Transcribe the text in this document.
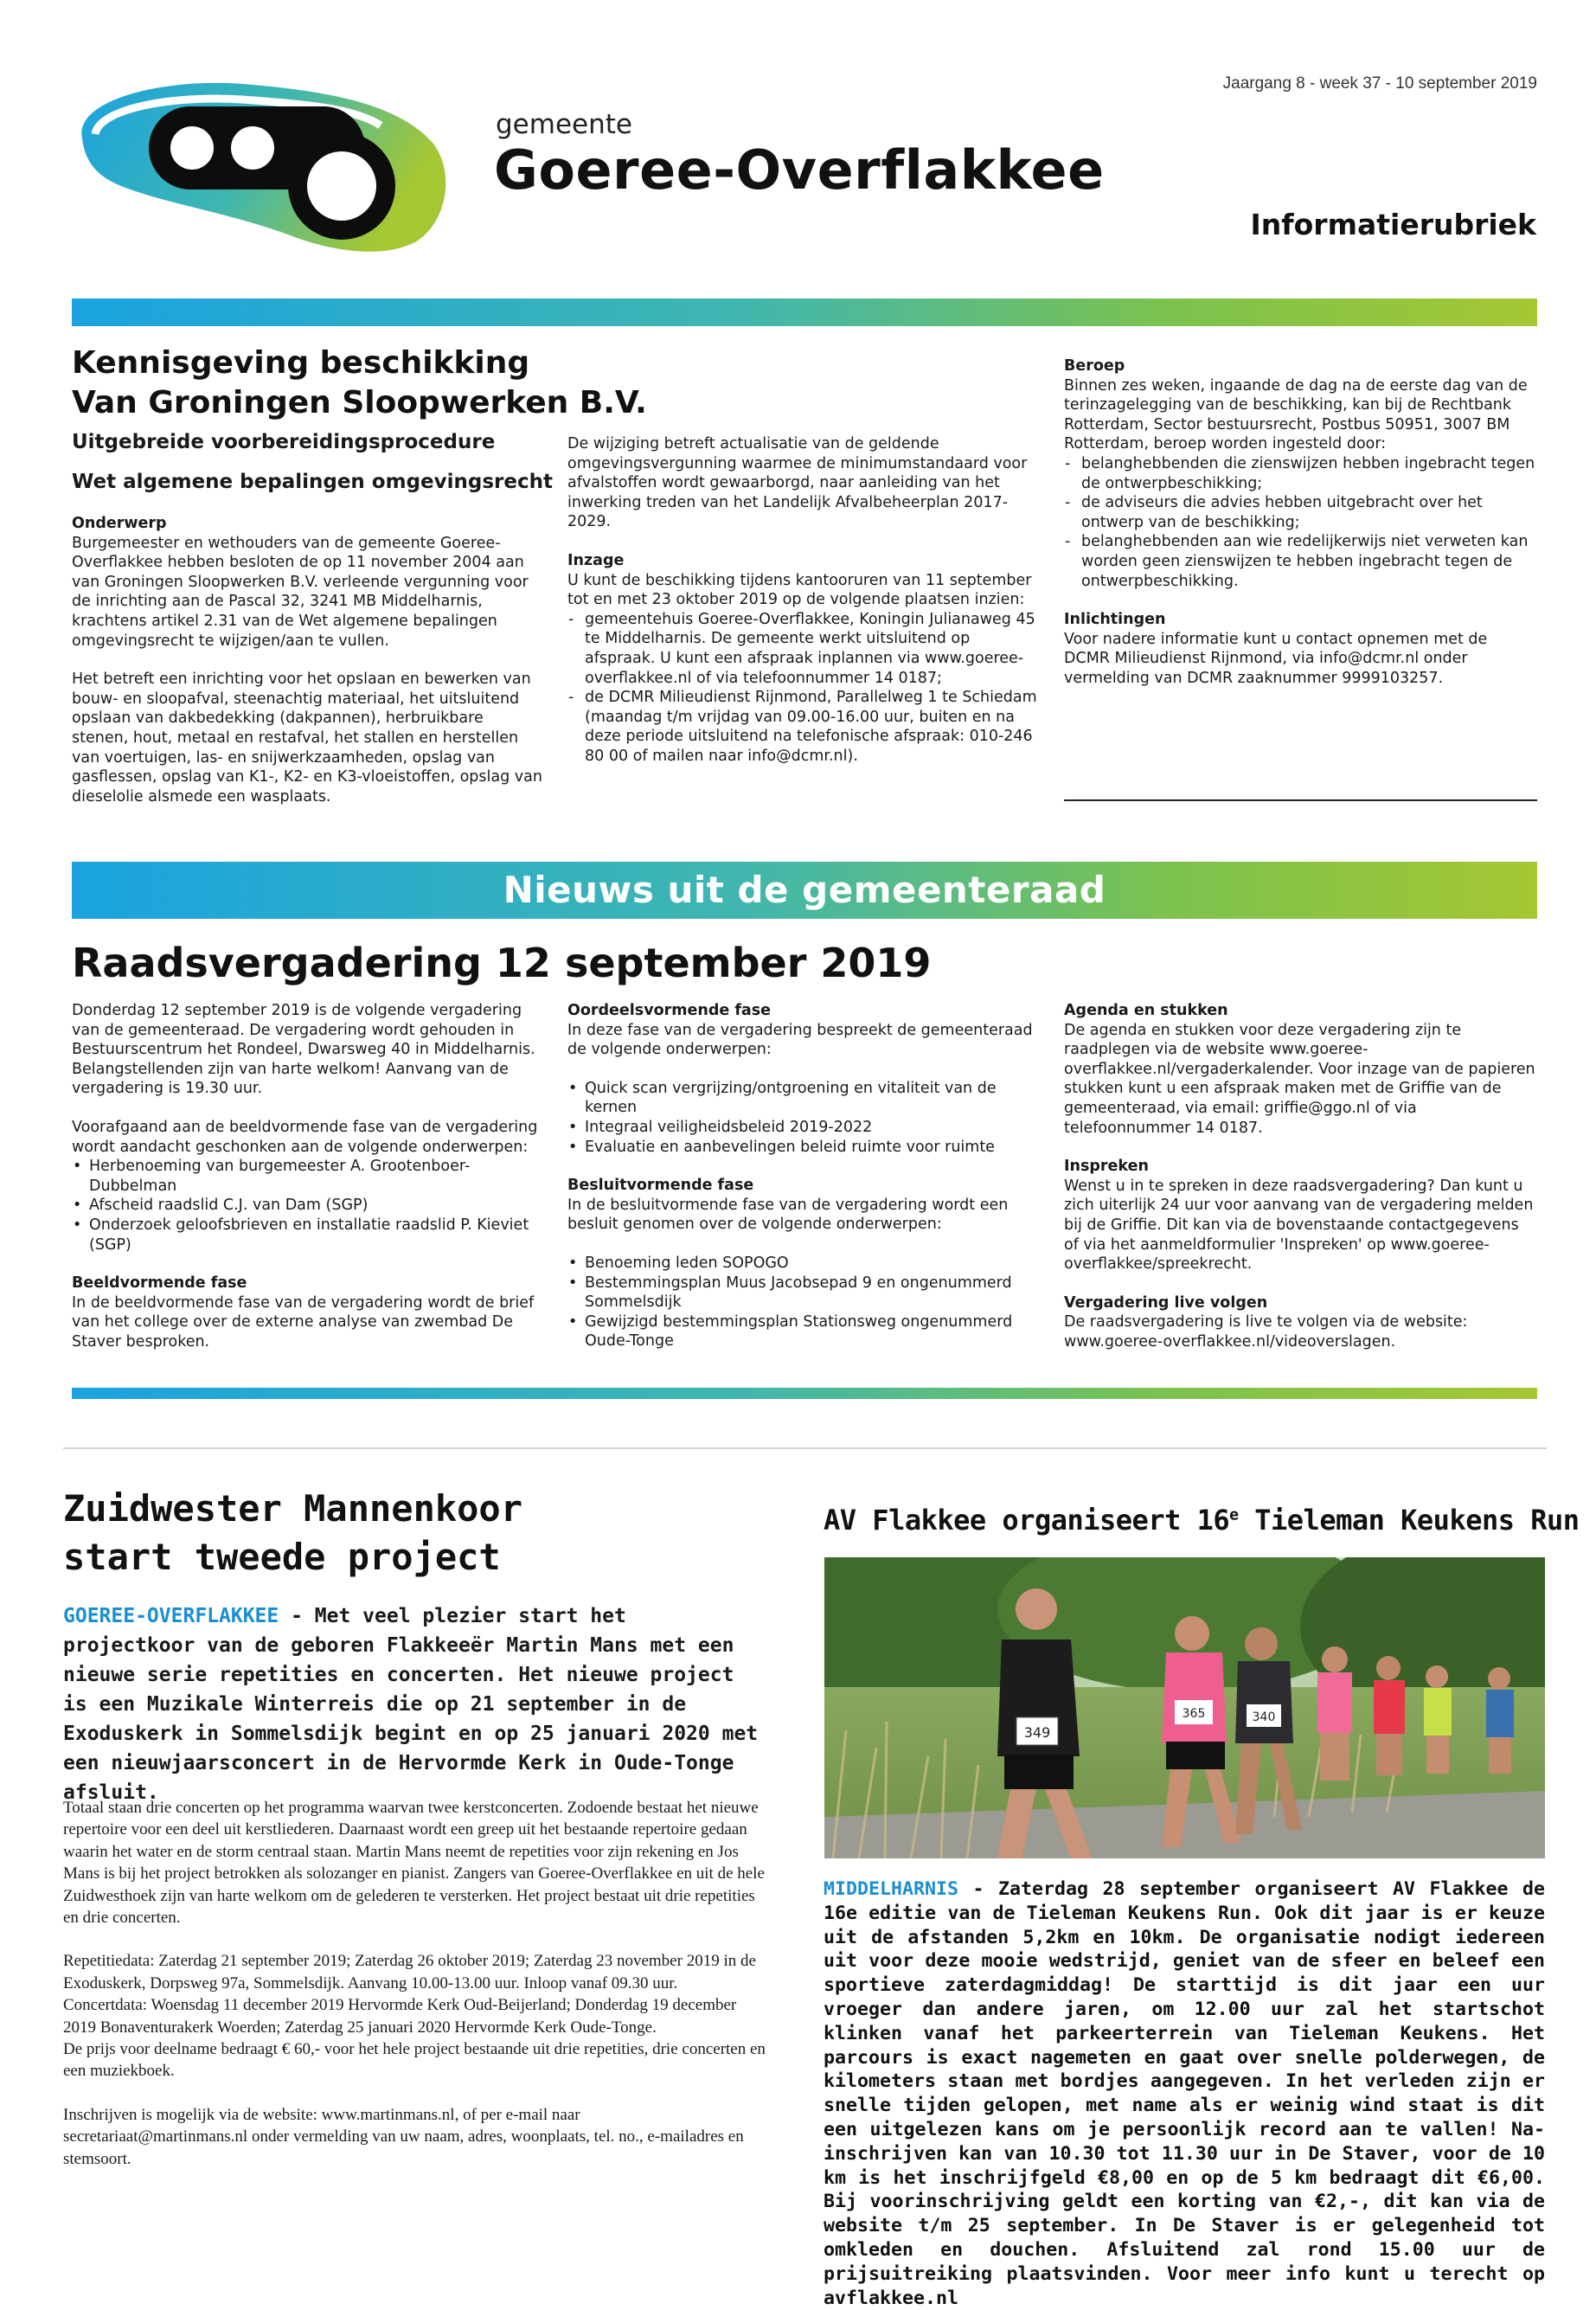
gemeente
Goeree-Overflakkee
Jaargang 8 - week 37 - 10 september 2019
Informatierubriek
Kennisgeving beschikking
Van Groningen Sloopwerken B.V.
Uitgebreide voorbereidingsprocedure
Wet algemene bepalingen omgevingsrecht
Onderwerp

Burgemeester en wethouders van de gemeente Goeree-Overflakkee hebben besloten de op 11 november 2004 aan van Groningen Sloopwerken B.V. verleende vergunning voor de inrichting aan de Pascal 32, 3241 MB Middelharnis, krachtens artikel 2.31 van de Wet algemene bepalingen omgevingsrecht te wijzigen/aan te vullen.

Het betreft een inrichting voor het opslaan en bewerken van bouw- en sloopafval, steenachtig materiaal, het uitsluitend opslaan van dakbedekking (dakpannen), herbruikbare stenen, hout, metaal en restafval, het stallen en herstellen van voertuigen, las- en snijwerkzaamheden, opslag van gasflessen, opslag van K1-, K2- en K3-vloeistoffen, opslag van dieselolie alsmede een wasplaats.

De wijziging betreft actualisatie van de geldende omgevingsvergunning waarmee de minimumstandaard voor afvalstoffen wordt gewaarborgd, naar aanleiding van het inwerking treden van het Landelijk Afvalbeheerplan 2017-2029.

Inzage

U kunt de beschikking tijdens kantooruren van 11 september tot en met 23 oktober 2019 op de volgende plaatsen inzien:

- gemeentehuis Goeree-Overflakkee, Koningin Julianaweg 45 te Middelharnis. De gemeente werkt uitsluitend op afspraak. U kunt een afspraak inplannen via www.goeree-overflakkee.nl of via telefoonnummer 14 0187;
- de DCMR Milieudienst Rijnmond, Parallelweg 1 te Schiedam (maandag t/m vrijdag van 09.00-16.00 uur, buiten en na deze periode uitsluitend na telefonische afspraak: 010-246 80 00 of mailen naar info@dcmr.nl).
Beroep

Binnen zes weken, ingaande de dag na de eerste dag van de terinzagelegging van de beschikking, kan bij de Rechtbank Rotterdam, Sector bestuursrecht, Postbus 50951, 3007 BM Rotterdam, beroep worden ingesteld door:

- belanghebbenden die zienswijzen hebben ingebracht tegen de ontwerpbeschikking;
- de adviseurs die advies hebben uitgebracht over het ontwerp van de beschikking;
- belanghebbenden aan wie redelijkerwijs niet verweten kan worden geen zienswijzen te hebben ingebracht tegen de ontwerpbeschikking.
Inlichtingen

Voor nadere informatie kunt u contact opnemen met de DCMR Milieudienst Rijnmond, via info@dcmr.nl onder vermelding van DCMR zaaknummer 9999103257.

Nieuws uit de gemeenteraad
Raadsvergadering 12 september 2019

Donderdag 12 september 2019 is de volgende vergadering van de gemeenteraad. De vergadering wordt gehouden in Bestuurscentrum het Rondeel, Dwarsweg 40 in Middelharnis. Belangstellenden zijn van harte welkom! Aanvang van de vergadering is 19.30 uur.

Voorafgaand aan de beeldvormende fase van de vergadering wordt aandacht geschonken aan de volgende onderwerpen:

• Herbenoeming van burgemeester A. Grootenboer-Dubbelman
• Afscheid raadslid C.J. van Dam (SGP)
• Onderzoek geloofsbrieven en installatie raadslid P. Kieviet (SGP)
Beeldvormende fase

In de beeldvormende fase van de vergadering wordt de brief van het college over de externe analyse van zwembad De Staver besproken.

Oordeelsvormende fase

In deze fase van de vergadering bespreekt de gemeenteraad de volgende onderwerpen:

• Quick scan vergrijzing/ontgroening en vitaliteit van de kernen
• Integraal veiligheidsbeleid 2019-2022
• Evaluatie en aanbevelingen beleid ruimte voor ruimte
Besluitvormende fase

In de besluitvormende fase van de vergadering wordt een besluit genomen over de volgende onderwerpen:

• Benoeming leden SOPOGO
• Bestemmingsplan Muus Jacobsepad 9 en ongenummerd Sommelsdijk
• Gewijzigd bestemmingsplan Stationsweg ongenummerd Oude-Tonge
Agenda en stukken

De agenda en stukken voor deze vergadering zijn te raadplegen via de website www.goeree-overflakkee.nl/vergaderkalender. Voor inzage van de papieren stukken kunt u een afspraak maken met de Griffie van de gemeenteraad, via email: griffie@ggo.nl of via telefoonnummer 14 0187.

Inspreken

Wenst u in te spreken in deze raadsvergadering? Dan kunt u zich uiterlijk 24 uur voor aanvang van de vergadering melden bij de Griffie. Dit kan via de bovenstaande contactgegevens of via het aanmeldformulier 'Inspreken' op www.goeree-overflakkee/spreekrecht.

Vergadering live volgen

De raadsvergadering is live te volgen via de website: www.goeree-overflakkee.nl/videoverslagen.

Zuidwester Mannenkoor
start tweede project
GOEREE-OVERFLAKKEE - Met veel plezier start het projectkoor van de geboren Flakkeeër Martin Mans met een nieuwe serie repetities en concerten. Het nieuwe project is een Muzikale Winterreis die op 21 september in de Exoduskerk in Sommelsdijk begint en op 25 januari 2020 met een nieuwjaarsconcert in de Hervormde Kerk in Oude-Tonge afsluit.

Totaal staan drie concerten op het programma waarvan twee kerstconcerten. Zodoende bestaat het nieuwe repertoire voor een deel uit kerstliederen. Daarnaast wordt een greep uit het bestaande repertoire gedaan waarin het water en de storm centraal staan. Martin Mans neemt de repetities voor zijn rekening en Jos Mans is bij het project betrokken als solozanger en pianist. Zangers van Goeree-Overflakkee en uit de hele Zuidwesthoek zijn van harte welkom om de gelederen te versterken. Het project bestaat uit drie repetities en drie concerten.

Repetitiedata: Zaterdag 21 september 2019; Zaterdag 26 oktober 2019; Zaterdag 23 november 2019 in de Exoduskerk, Dorpsweg 97a, Sommelsdijk. Aanvang 10.00-13.00 uur. Inloop vanaf 09.30 uur.

Concertdata: Woensdag 11 december 2019 Hervormde Kerk Oud-Beijerland; Donderdag 19 december 2019 Bonaventurakerk Woerden; Zaterdag 25 januari 2020 Hervormde Kerk Oude-Tonge.

De prijs voor deelname bedraagt € 60,- voor het hele project bestaande uit drie repetities, drie concerten en een muziekboek.

Inschrijven is mogelijk via de website: www.martinmans.nl, of per e-mail naar secretariaat@martinmans.nl onder vermelding van uw naam, adres, woonplaats, tel. no., e-mailadres en stemsoort.

AV Flakkee organiseert 16e Tieleman Keukens Run
349
365	340
MIDDELHARNIS - Zaterdag 28 september organiseert AV Flakkee de 16e editie van de Tieleman Keukens Run. Ook dit jaar is er keuze uit de afstanden 5,2km en 10km. De organisatie nodigt iedereen uit voor deze mooie wedstrijd, geniet van de sfeer en beleef een sportieve zaterdagmiddag! De starttijd is dit jaar een uur vroeger dan andere jaren, om 12.00 uur zal het startschot klinken vanaf het parkeerterrein van Tieleman Keukens. Het parcours is exact nagemeten en gaat over snelle polderwegen, de kilometers staan met bordjes aangegeven. In het verleden zijn er snelle tijden gelopen, met name als er weinig wind staat is dit een uitgelezen kans om je persoonlijk record aan te vallen! Na- inschrijven kan van 10.30 tot 11.30 uur in De Staver, voor de 10 km is het inschrijfgeld €8,00 en op de 5 km bedraagt dit €6,00. Bij voorinschrijving geldt een korting van €2,-, dit kan via de website t/m 25 september. In De Staver is er gelegenheid tot omkleden en douchen. Afsluitend zal rond 15.00 uur de prijsuitreiking plaatsvinden. Voor meer info kunt u terecht op avflakkee.nl
